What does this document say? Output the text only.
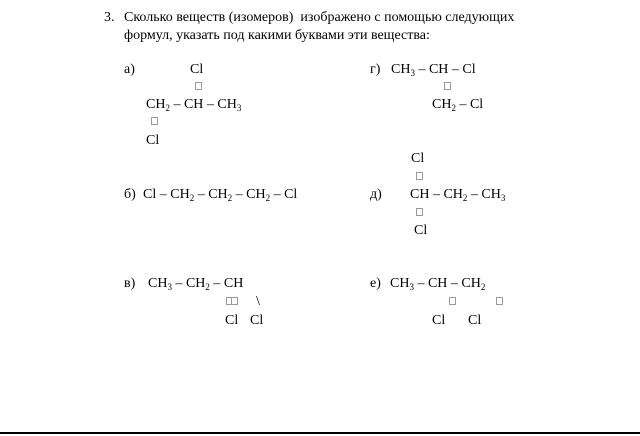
3. Сколько веществ (изомеров)  изображено с помощью следующих
формул, указать под какими буквами эти вещества:
а)	Cl
$CH_2$ – CH – $CH_3$
Cl
г) $CH_3$ – CH – Cl
$CH_2$ – Cl
Cl
б) Cl – $CH_2 - CH_2 - CH_2$ – Cl	д) CH – $CH_2 - CH_3$
Cl
в) $CH_3 - CH_2$ – CH
\
Cl Cl
е) $CH_3$ – CH – $CH_2$
Cl Cl
